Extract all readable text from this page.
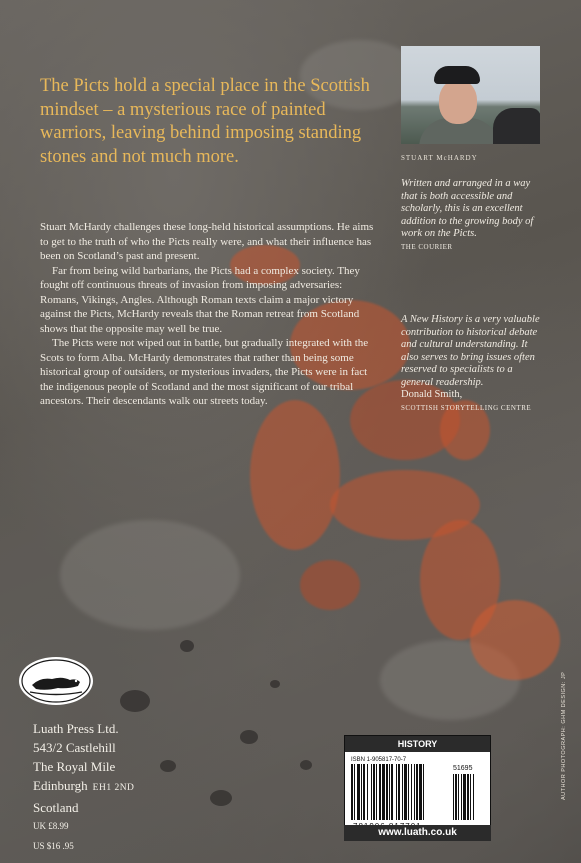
The Picts hold a special place in the Scottish mindset – a mysterious race of painted warriors, leaving behind imposing standing stones and not much more.

Stuart McHardy challenges these long-held historical assumptions. He aims to get to the truth of who the Picts really were, and what their influence has been on Scotland’s past and present.

Far from being wild barbarians, the Picts had a complex society. They fought off continuous threats of invasion from imposing adversaries: Romans, Vikings, Angles. Although Roman texts claim a major victory against the Picts, McHardy reveals that the Roman retreat from Scotland shows that the opposite may well be true.

The Picts were not wiped out in battle, but gradually integrated with the Scots to form Alba. McHardy demonstrates that rather than being some historical group of outsiders, or mysterious invaders, the Picts were in fact the indigenous people of Scotland and the most significant of our tribal ancestors. Their descendants walk our streets today.

STUART McHARDY
Written and arranged in a way that is both accessible and scholarly, this is an excellent addition to the growing body of work on the Picts.
THE COURIER
A New History is a very valuable contribution to historical debate and cultural understanding. It also serves to bring issues often reserved to specialists to a general readership.
Donald Smith,
SCOTTISH STORYTELLING CENTRE
Luath Press Ltd.
543/2 Castlehill
The Royal Mile
Edinburgh EH1 2ND
Scotland
UK £8.99
US $16 .95
HISTORY
ISBN 1-905817-70-7
51695
www.luath.co.uk
AUTHOR PHOTOGRAPH: GHM DESIGN: JP
